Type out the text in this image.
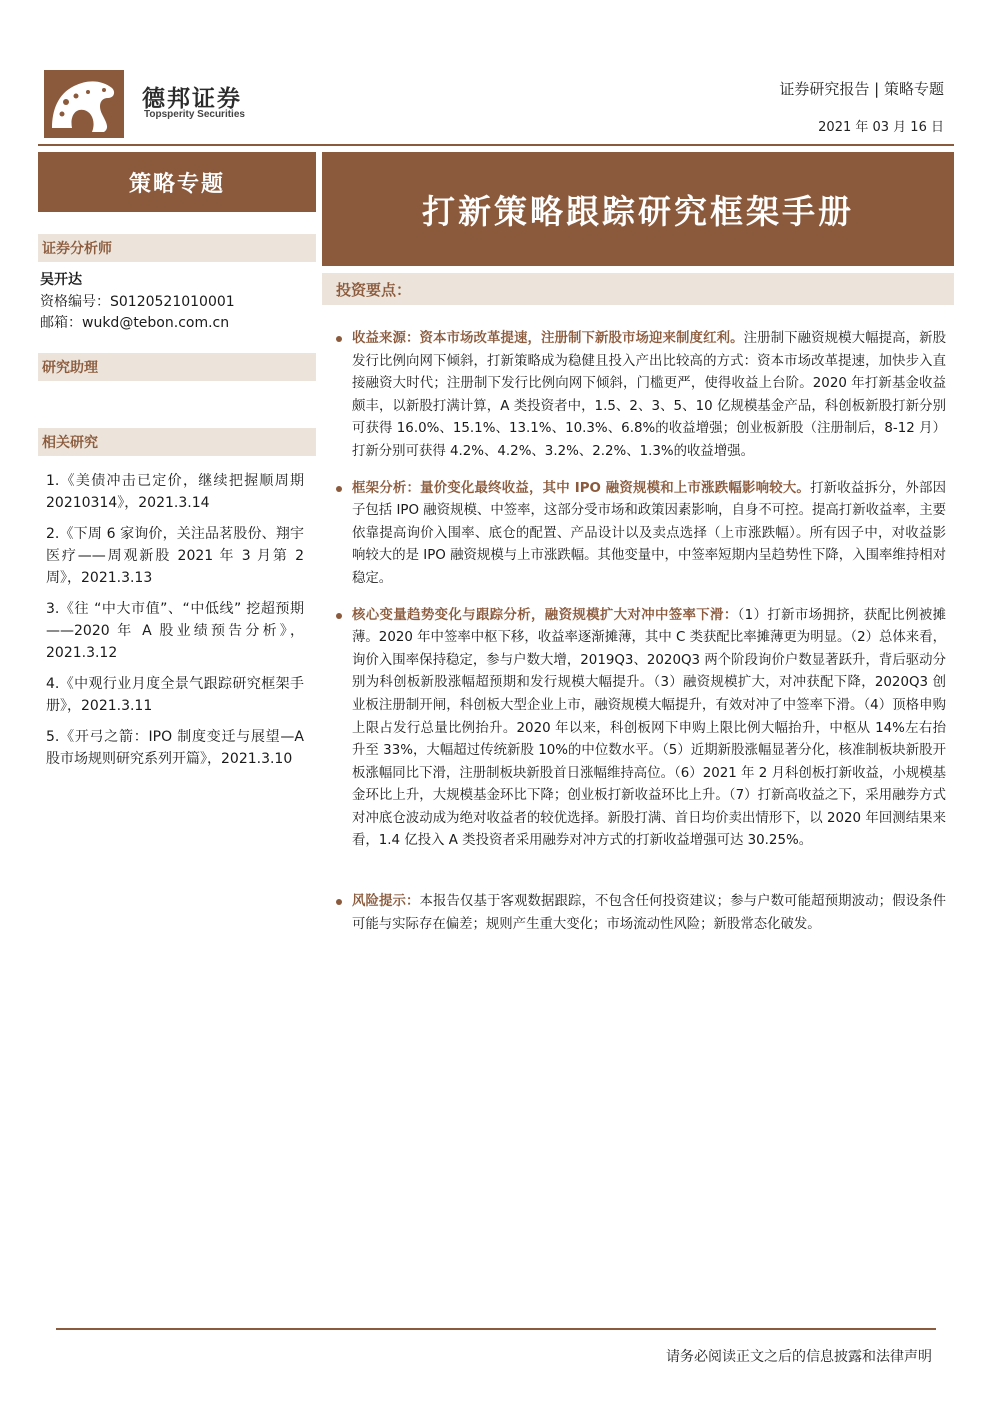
德邦证券
Topsperity Securities
证券研究报告 | 策略专题
2021 年 03 月 16 日
策略专题
证券分析师
吴开达
资格编号：S0120521010001
邮箱：wukd@tebon.com.cn
研究助理
相关研究
1.《美债冲击已定价，继续把握顺周期 20210314》，2021.3.14
2.《下周 6 家询价，关注品茗股份、翔宇医疗——周观新股 2021 年 3 月第 2 周》，2021.3.13
3.《往 “中大市值”、“中低线” 挖超预期——2020 年 A 股业绩预告分析》，2021.3.12
4.《中观行业月度全景气跟踪研究框架手册》，2021.3.11
5.《开弓之箭：IPO 制度变迁与展望—A 股市场规则研究系列开篇》，2021.3.10
打新策略跟踪研究框架手册
投资要点：
收益来源：资本市场改革提速，注册制下新股市场迎来制度红利。注册制下融资规模大幅提高，新股发行比例向网下倾斜，打新策略成为稳健且投入产出比较高的方式：资本市场改革提速，加快步入直接融资大时代；注册制下发行比例向网下倾斜，门槛更严，使得收益上台阶。2020 年打新基金收益颇丰，以新股打满计算，A 类投资者中，1.5、2、3、5、10 亿规模基金产品，科创板新股打新分别可获得 16.0%、15.1%、13.1%、10.3%、6.8%的收益增强；创业板新股（注册制后，8-12 月）打新分别可获得 4.2%、4.2%、3.2%、2.2%、1.3%的收益增强。
框架分析：量价变化最终收益，其中 IPO 融资规模和上市涨跌幅影响较大。打新收益拆分，外部因子包括 IPO 融资规模、中签率，这部分受市场和政策因素影响，自身不可控。提高打新收益率，主要依靠提高询价入围率、底仓的配置、产品设计以及卖点选择（上市涨跌幅）。所有因子中，对收益影响较大的是 IPO 融资规模与上市涨跌幅。其他变量中，中签率短期内呈趋势性下降，入围率维持相对稳定。
核心变量趋势变化与跟踪分析，融资规模扩大对冲中签率下滑：（1）打新市场拥挤，获配比例被摊薄。2020 年中签率中枢下移，收益率逐渐摊薄，其中 C 类获配比率摊薄更为明显。（2）总体来看，询价入围率保持稳定，参与户数大增，2019Q3、2020Q3 两个阶段询价户数显著跃升，背后驱动分别为科创板新股涨幅超预期和发行规模大幅提升。（3）融资规模扩大，对冲获配下降，2020Q3 创业板注册制开闸，科创板大型企业上市，融资规模大幅提升，有效对冲了中签率下滑。（4）顶格申购上限占发行总量比例抬升。2020 年以来，科创板网下申购上限比例大幅抬升，中枢从 14%左右抬升至 33%，大幅超过传统新股 10%的中位数水平。（5）近期新股涨幅显著分化，核准制板块新股开板涨幅同比下滑，注册制板块新股首日涨幅维持高位。（6）2021 年 2 月科创板打新收益，小规模基金环比上升，大规模基金环比下降；创业板打新收益环比上升。（7）打新高收益之下，采用融券方式对冲底仓波动成为绝对收益者的较优选择。新股打满、首日均价卖出情形下，以 2020 年回测结果来看，1.4 亿投入 A 类投资者采用融券对冲方式的打新收益增强可达 30.25%。
风险提示：本报告仅基于客观数据跟踪，不包含任何投资建议；参与户数可能超预期波动；假设条件可能与实际存在偏差；规则产生重大变化；市场流动性风险；新股常态化破发。
请务必阅读正文之后的信息披露和法律声明
